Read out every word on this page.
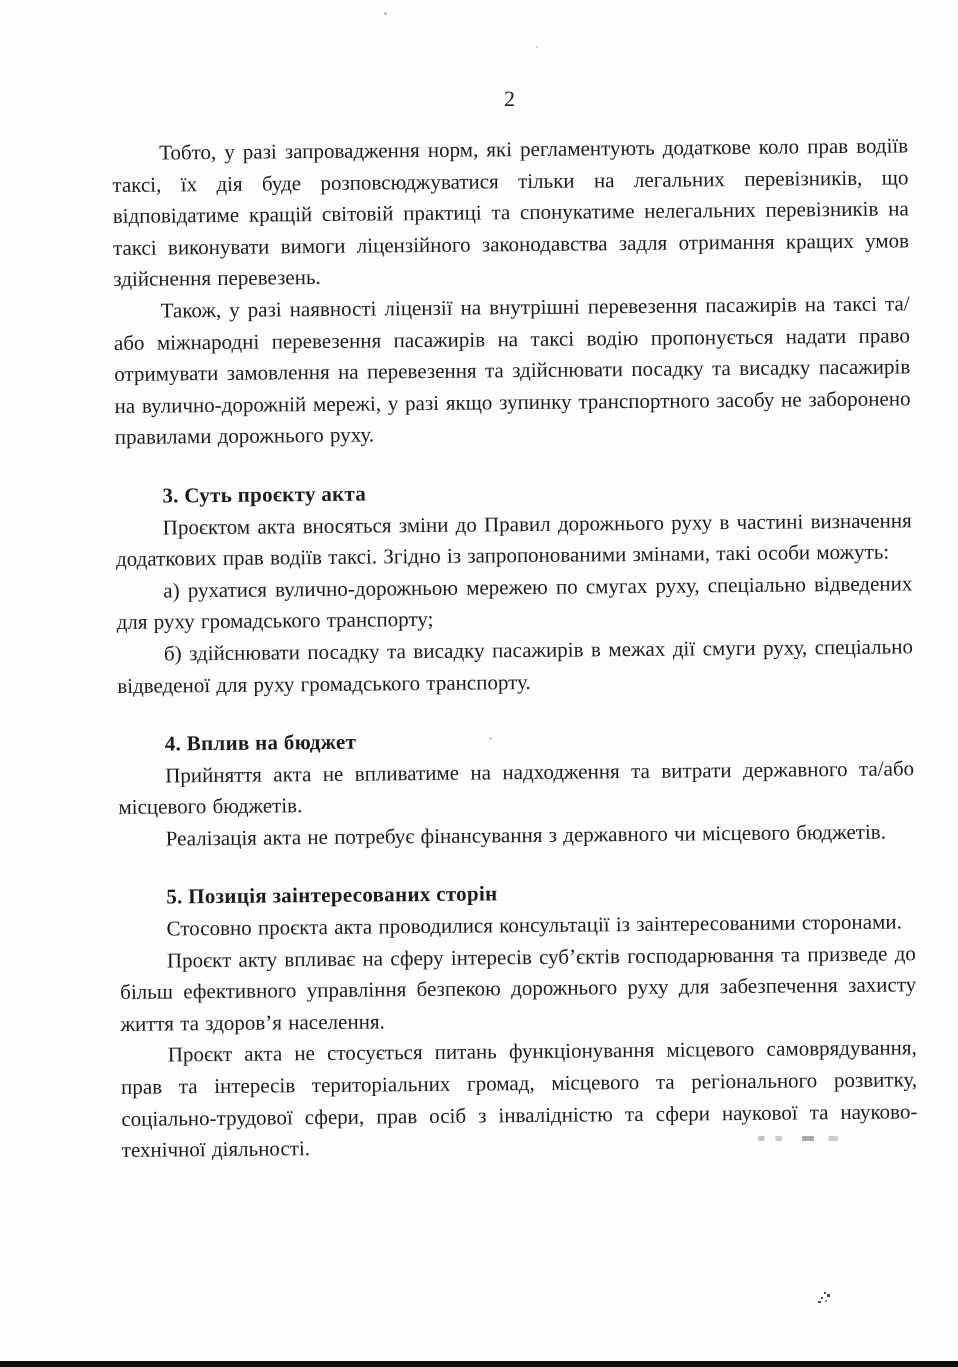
2
Тобто, у разі запровадження норм, які регламентують додаткове коло прав водіїв таксі, їх дія буде розповсюджуватися тільки на легальних перевізників, що відповідатиме кращій світовій практиці та спонукатиме нелегальних перевізників на таксі виконувати вимоги ліцензійного законодавства задля отримання кращих умов здійснення перевезень.
Також, у разі наявності ліцензії на внутрішні перевезення пасажирів на таксі та/або міжнародні перевезення пасажирів на таксі водію пропонується надати право отримувати замовлення на перевезення та здійснювати посадку та висадку пасажирів на вулично-дорожній мережі, у разі якщо зупинку транспортного засобу не заборонено правилами дорожнього руху.
3. Суть проєкту акта
Проєктом акта вносяться зміни до Правил дорожнього руху в частині визначення додаткових прав водіїв таксі. Згідно із запропонованими змінами, такі особи можуть:
а) рухатися вулично-дорожньою мережею по смугах руху, спеціально відведених для руху громадського транспорту;
б) здійснювати посадку та висадку пасажирів в межах дії смуги руху, спеціально відведеної для руху громадського транспорту.
4. Вплив на бюджет
Прийняття акта не впливатиме на надходження та витрати державного та/або місцевого бюджетів.
Реалізація акта не потребує фінансування з державного чи місцевого бюджетів.
5. Позиція заінтересованих сторін
Стосовно проєкта акта проводилися консультації із заінтересованими сторонами.
Проєкт акту впливає на сферу інтересів суб’єктів господарювання та призведе до більш ефективного управління безпекою дорожнього руху для забезпечення захисту життя та здоров’я населення.
Проєкт акта не стосується питань функціонування місцевого самоврядування, прав та інтересів територіальних громад, місцевого та регіонального розвитку, соціально-трудової сфери, прав осіб з інвалідністю та сфери наукової та науково-технічної діяльності.
